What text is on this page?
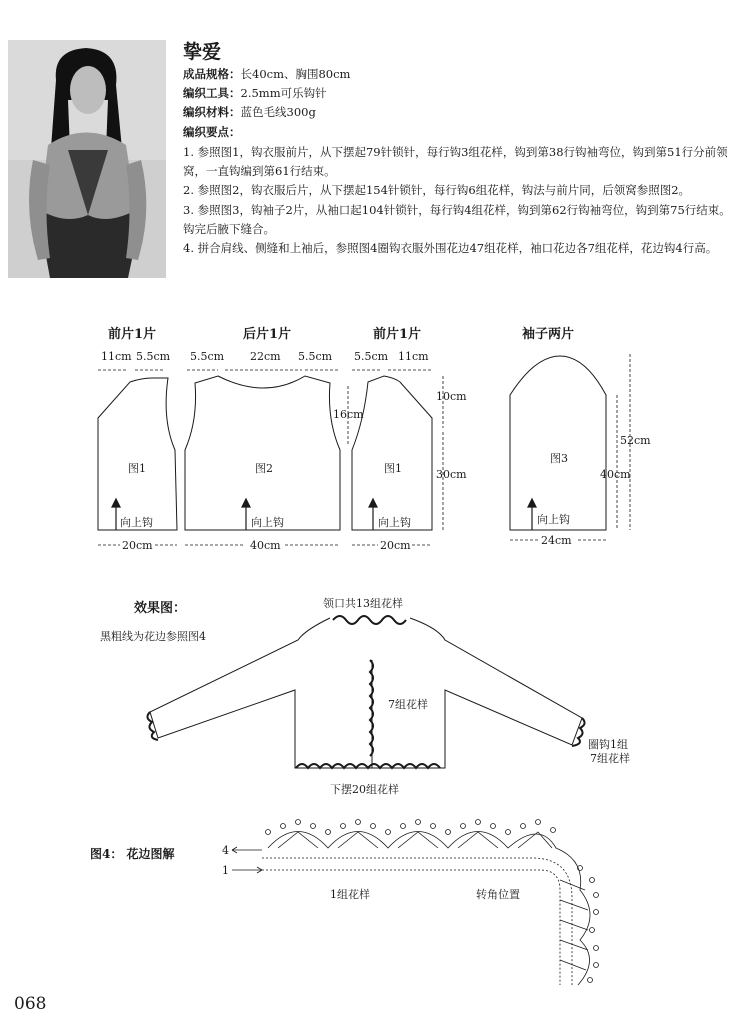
挚爱
成品规格：长40cm、胸围80cm
编织工具：2.5mm可乐钩针
编织材料：蓝色毛线300g
编织要点：

1. 参照图1，钩衣服前片，从下摆起79针锁针，每行钩3组花样，钩到第38行钩袖弯位，钩到第51行分前领窝，一直钩编到第61行结束。

2. 参照图2，钩衣服后片，从下摆起154针锁针，每行钩6组花样，钩法与前片同，后领窝参照图2。

3. 参照图3，钩袖子2片，从袖口起104针锁针，每行钩4组花样，钩到第62行钩袖弯位，钩到第75行结束。钩完后腋下缝合。

4. 拼合肩线、侧缝和上袖后，参照图4圈钩衣服外围花边47组花样，袖口花边各7组花样，花边钩4行高。

前片1片	后片1片	前片1片	袖子两片
11cm 5.5cm 5.5cm 22cm 5.5cm 5.5cm 11cm
图1	图2	图1
图3
向上钩	向上钩	向上钩	向上钩
10cm
16cm
30cm
52cm
40cm
20cm	40cm	20cm	24cm
效果图：
黑粗线为花边参照图4
领口共13组花样
7组花样
圈钩1组
7组花样
下摆20组花样
图4： 花边图解	4
1
1组花样	转角位置
068
